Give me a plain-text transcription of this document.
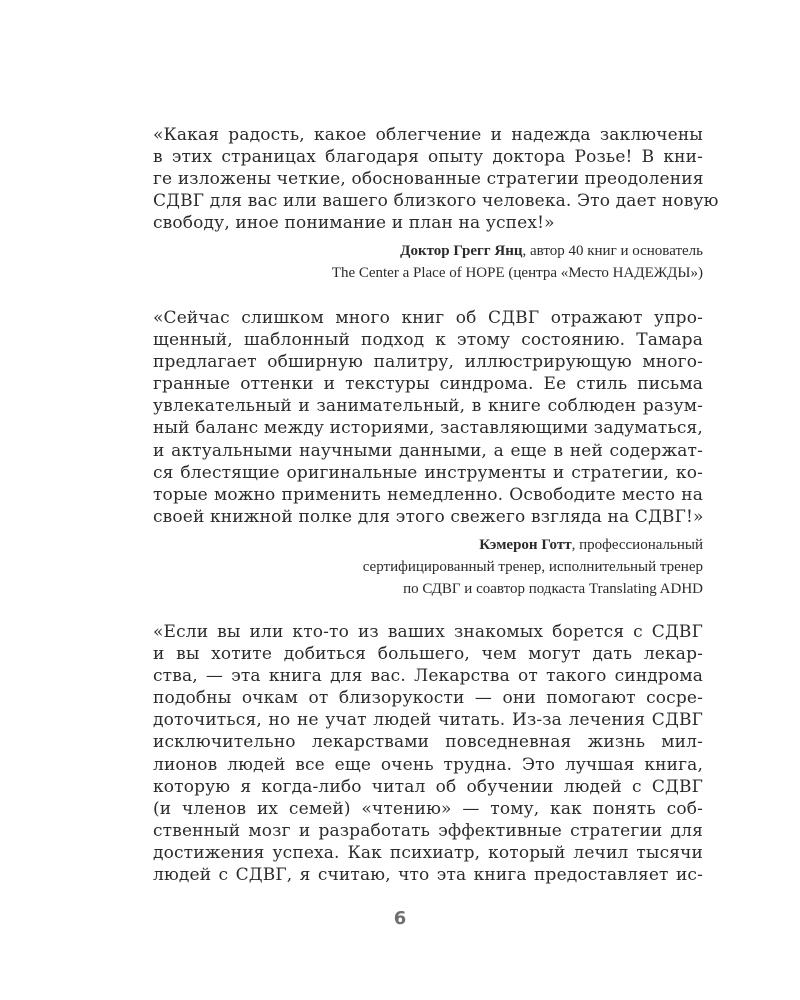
«Какая радость, какое облегчение и надежда заключены
в этих страницах благодаря опыту доктора Розье! В кни-
ге изложены четкие, обоснованные стратегии преодоления
СДВГ для вас или вашего близкого человека. Это дает новую
свободу, иное понимание и план на успех!»
Доктор Грегг Янц, автор 40 книг и основатель
The Center a Place of HOPE (центра «Место НАДЕЖДЫ»)
«Сейчас слишком много книг об СДВГ отражают упро-
щенный, шаблонный подход к этому состоянию. Тамара
предлагает обширную палитру, иллюстрирующую много-
гранные оттенки и текстуры синдрома. Ее стиль письма
увлекательный и занимательный, в книге соблюден разум-
ный баланс между историями, заставляющими задуматься,
и актуальными научными данными, а еще в ней содержат-
ся блестящие оригинальные инструменты и стратегии, ко-
торые можно применить немедленно. Освободите место на
своей книжной полке для этого свежего взгляда на СДВГ!»
Кэмерон Готт, профессиональный
сертифицированный тренер, исполнительный тренер
по СДВГ и соавтор подкаста Translating ADHD
«Если вы или кто-то из ваших знакомых борется с СДВГ
и вы хотите добиться большего, чем могут дать лекар-
ства, — эта книга для вас. Лекарства от такого синдрома
подобны очкам от близорукости — они помогают сосре-
доточиться, но не учат людей читать. Из-за лечения СДВГ
исключительно лекарствами повседневная жизнь мил-
лионов людей все еще очень трудна. Это лучшая книга,
которую я когда-либо читал об обучении людей с СДВГ
(и членов их семей) «чтению» — тому, как понять соб-
ственный мозг и разработать эффективные стратегии для
достижения успеха. Как психиатр, который лечил тысячи
людей с СДВГ, я считаю, что эта книга предоставляет ис-
6
